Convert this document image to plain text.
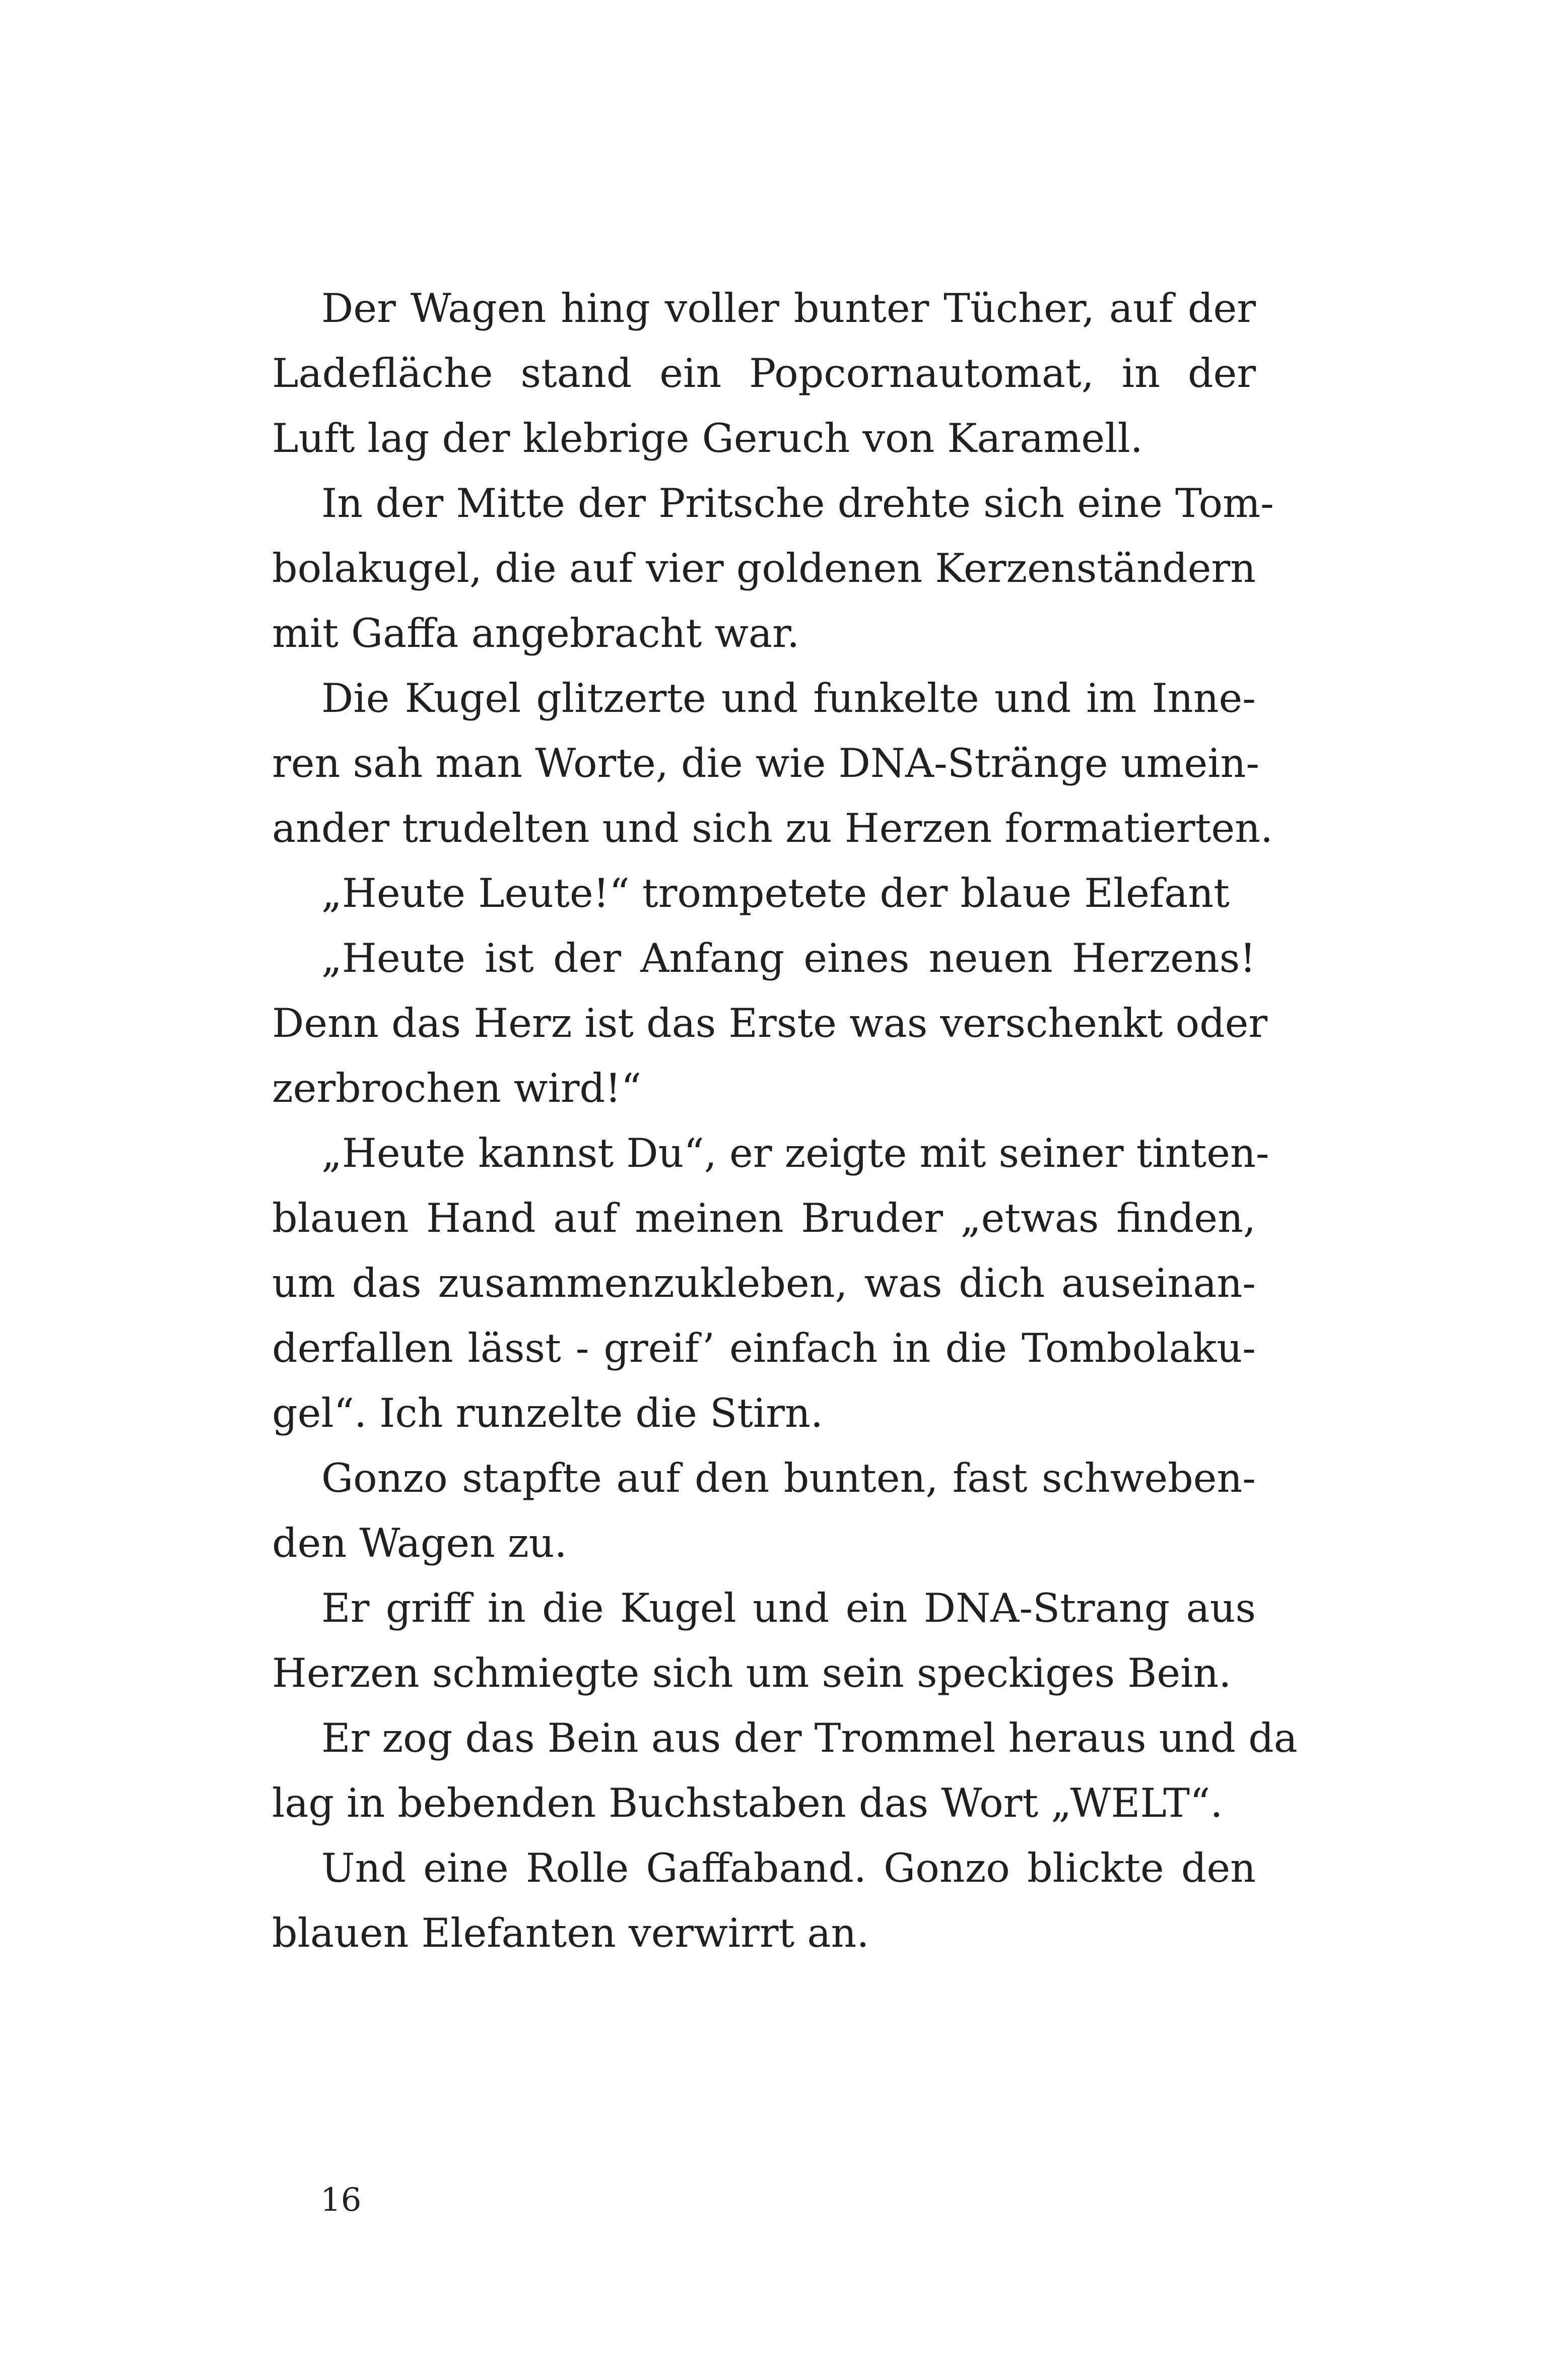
Der Wagen hing voller bunter Tücher, auf der
Ladefläche stand ein Popcornautomat, in der
Luft lag der klebrige Geruch von Karamell.
In der Mitte der Pritsche drehte sich eine Tom-
bolakugel, die auf vier goldenen Kerzenständern
mit Gaffa angebracht war.
Die Kugel glitzerte und funkelte und im Inne-
ren sah man Worte, die wie DNA-Stränge umein-
ander trudelten und sich zu Herzen formatierten.
„Heute Leute!“ trompetete der blaue Elefant
„Heute ist der Anfang eines neuen Herzens!
Denn das Herz ist das Erste was verschenkt oder
zerbrochen wird!“
„Heute kannst Du“, er zeigte mit seiner tinten-
blauen Hand auf meinen Bruder „etwas finden,
um das zusammenzukleben, was dich auseinan-
derfallen lässt - greif’ einfach in die Tombolaku-
gel“. Ich runzelte die Stirn.
Gonzo stapfte auf den bunten, fast schweben-
den Wagen zu.
Er griff in die Kugel und ein DNA-Strang aus
Herzen schmiegte sich um sein speckiges Bein.
Er zog das Bein aus der Trommel heraus und da
lag in bebenden Buchstaben das Wort „WELT“.
Und eine Rolle Gaffaband. Gonzo blickte den
blauen Elefanten verwirrt an.
16
